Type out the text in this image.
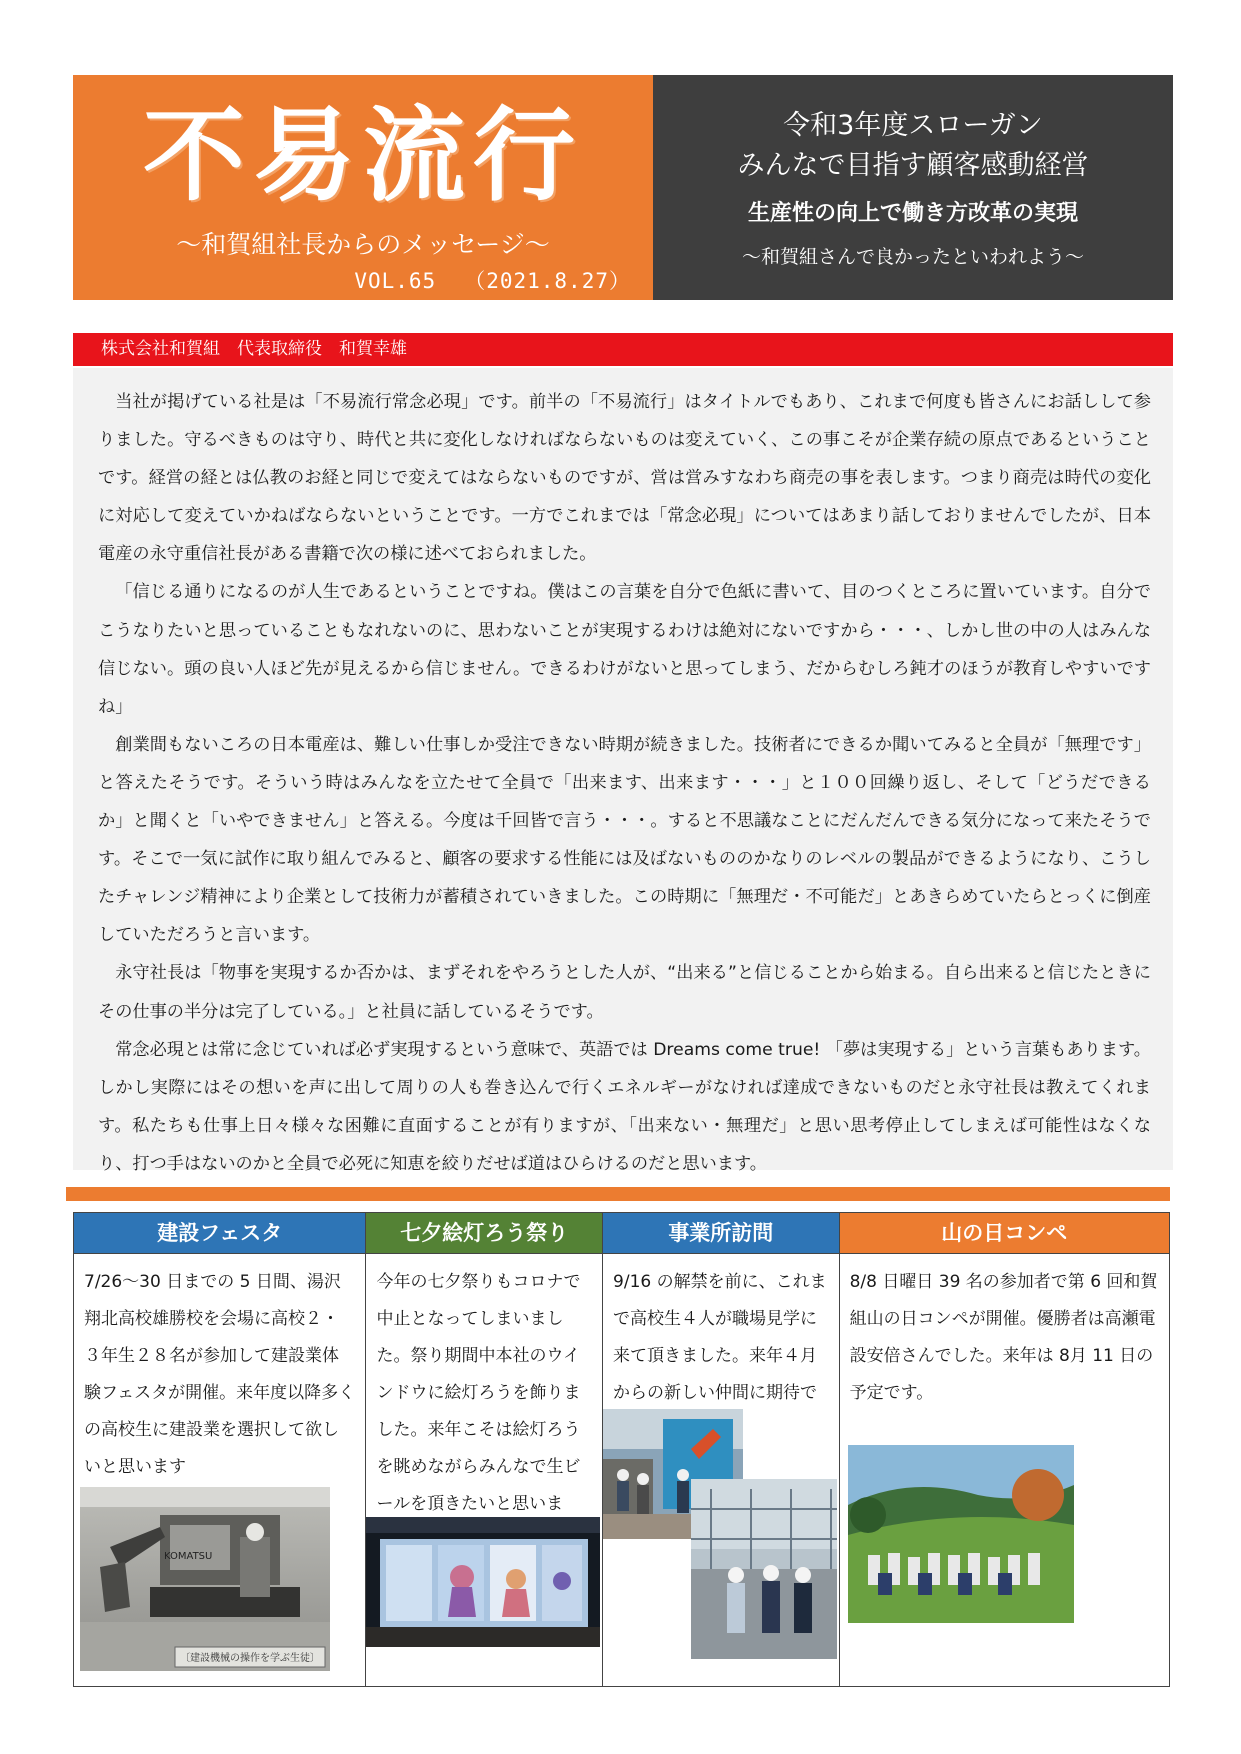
不易流行
～和賀組社長からのメッセージ～
VOL.65 （2021.8.27）
令和3年度スローガン
みんなで目指す顧客感動経営
生産性の向上で働き方改革の実現
～和賀組さんで良かったといわれよう～
株式会社和賀組　代表取締役　和賀幸雄

当社が掲げている社是は「不易流行常念必現」です。前半の「不易流行」はタイトルでもあり、これまで何度も皆さんにお話しして参りました。守るべきものは守り、時代と共に変化しなければならないものは変えていく、この事こそが企業存続の原点であるということです。経営の経とは仏教のお経と同じで変えてはならないものですが、営は営みすなわち商売の事を表します。つまり商売は時代の変化に対応して変えていかねばならないということです。一方でこれまでは「常念必現」についてはあまり話しておりませんでしたが、日本電産の永守重信社長がある書籍で次の様に述べておられました。

「信じる通りになるのが人生であるということですね。僕はこの言葉を自分で色紙に書いて、目のつくところに置いています。自分でこうなりたいと思っていることもなれないのに、思わないことが実現するわけは絶対にないですから・・・、しかし世の中の人はみんな信じない。頭の良い人ほど先が見えるから信じません。できるわけがないと思ってしまう、だからむしろ鈍才のほうが教育しやすいですね」

創業間もないころの日本電産は、難しい仕事しか受注できない時期が続きました。技術者にできるか聞いてみると全員が「無理です」と答えたそうです。そういう時はみんなを立たせて全員で「出来ます、出来ます・・・」と１００回繰り返し、そして「どうだできるか」と聞くと「いやできません」と答える。今度は千回皆で言う・・・。すると不思議なことにだんだんできる気分になって来たそうです。そこで一気に試作に取り組んでみると、顧客の要求する性能には及ばないもののかなりのレベルの製品ができるようになり、こうしたチャレンジ精神により企業として技術力が蓄積されていきました。この時期に「無理だ・不可能だ」とあきらめていたらとっくに倒産していただろうと言います。

永守社長は「物事を実現するか否かは、まずそれをやろうとした人が、“出来る”と信じることから始まる。自ら出来ると信じたときにその仕事の半分は完了している。」と社員に話しているそうです。

常念必現とは常に念じていれば必ず実現するという意味で、英語では Dreams come true! 「夢は実現する」という言葉もあります。しかし実際にはその想いを声に出して周りの人も巻き込んで行くエネルギーがなければ達成できないものだと永守社長は教えてくれます。私たちも仕事上日々様々な困難に直面することが有りますが、「出来ない・無理だ」と思い思考停止してしまえば可能性はなくなり、打つ手はないのかと全員で必死に知恵を絞りだせば道はひらけるのだと思います。

建設フェスタ
7/26～30 日までの 5 日間、湯沢翔北高校雄勝校を会場に高校２・３年生２８名が参加して建設業体験フェスタが開催。来年度以降多くの高校生に建設業を選択して欲しいと思います
KOMATSU
〔建設機械の操作を学ぶ生徒〕
七夕絵灯ろう祭り
今年の七夕祭りもコロナで中止となってしまいました。祭り期間中本社のウインドウに絵灯ろうを飾りました。来年こそは絵灯ろうを眺めながらみんなで生ビールを頂きたいと思いま
事業所訪問
9/16 の解禁を前に、これまで高校生４人が職場見学に来て頂きました。来年４月からの新しい仲間に期待で
山の日コンペ
8/8 日曜日 39 名の参加者で第 6 回和賀組山の日コンペが開催。優勝者は高瀬電設安倍さんでした。来年は 8月 11 日の予定です。
